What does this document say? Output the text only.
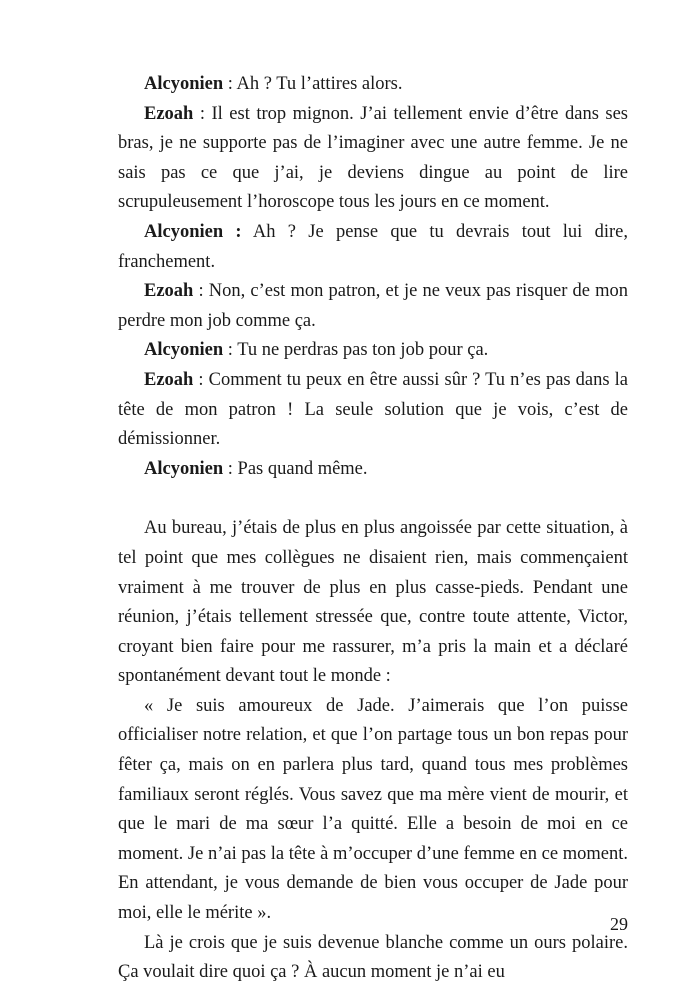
Alcyonien : Ah ? Tu l’attires alors.

Ezoah : Il est trop mignon. J’ai tellement envie d’être dans ses bras, je ne supporte pas de l’imaginer avec une autre femme. Je ne sais pas ce que j’ai, je deviens dingue au point de lire scrupuleusement l’horoscope tous les jours en ce moment.

Alcyonien : Ah ? Je pense que tu devrais tout lui dire, franchement.

Ezoah : Non, c’est mon patron, et je ne veux pas risquer de mon perdre mon job comme ça.

Alcyonien : Tu ne perdras pas ton job pour ça.

Ezoah : Comment tu peux en être aussi sûr ? Tu n’es pas dans la tête de mon patron ! La seule solution que je vois, c’est de démissionner.

Alcyonien : Pas quand même.

Au bureau, j’étais de plus en plus angoissée par cette situation, à tel point que mes collègues ne disaient rien, mais commençaient vraiment à me trouver de plus en plus casse-pieds. Pendant une réunion, j’étais tellement stressée que, contre toute attente, Victor, croyant bien faire pour me rassurer, m’a pris la main et a déclaré spontanément devant tout le monde :

« Je suis amoureux de Jade. J’aimerais que l’on puisse officialiser notre relation, et que l’on partage tous un bon repas pour fêter ça, mais on en parlera plus tard, quand tous mes problèmes familiaux seront réglés. Vous savez que ma mère vient de mourir, et que le mari de ma sœur l’a quitté. Elle a besoin de moi en ce moment. Je n’ai pas la tête à m’occuper d’une femme en ce moment. En attendant, je vous demande de bien vous occuper de Jade pour moi, elle le mérite ».

Là je crois que je suis devenue blanche comme un ours polaire. Ça voulait dire quoi ça ? À aucun moment je n’ai eu

29
